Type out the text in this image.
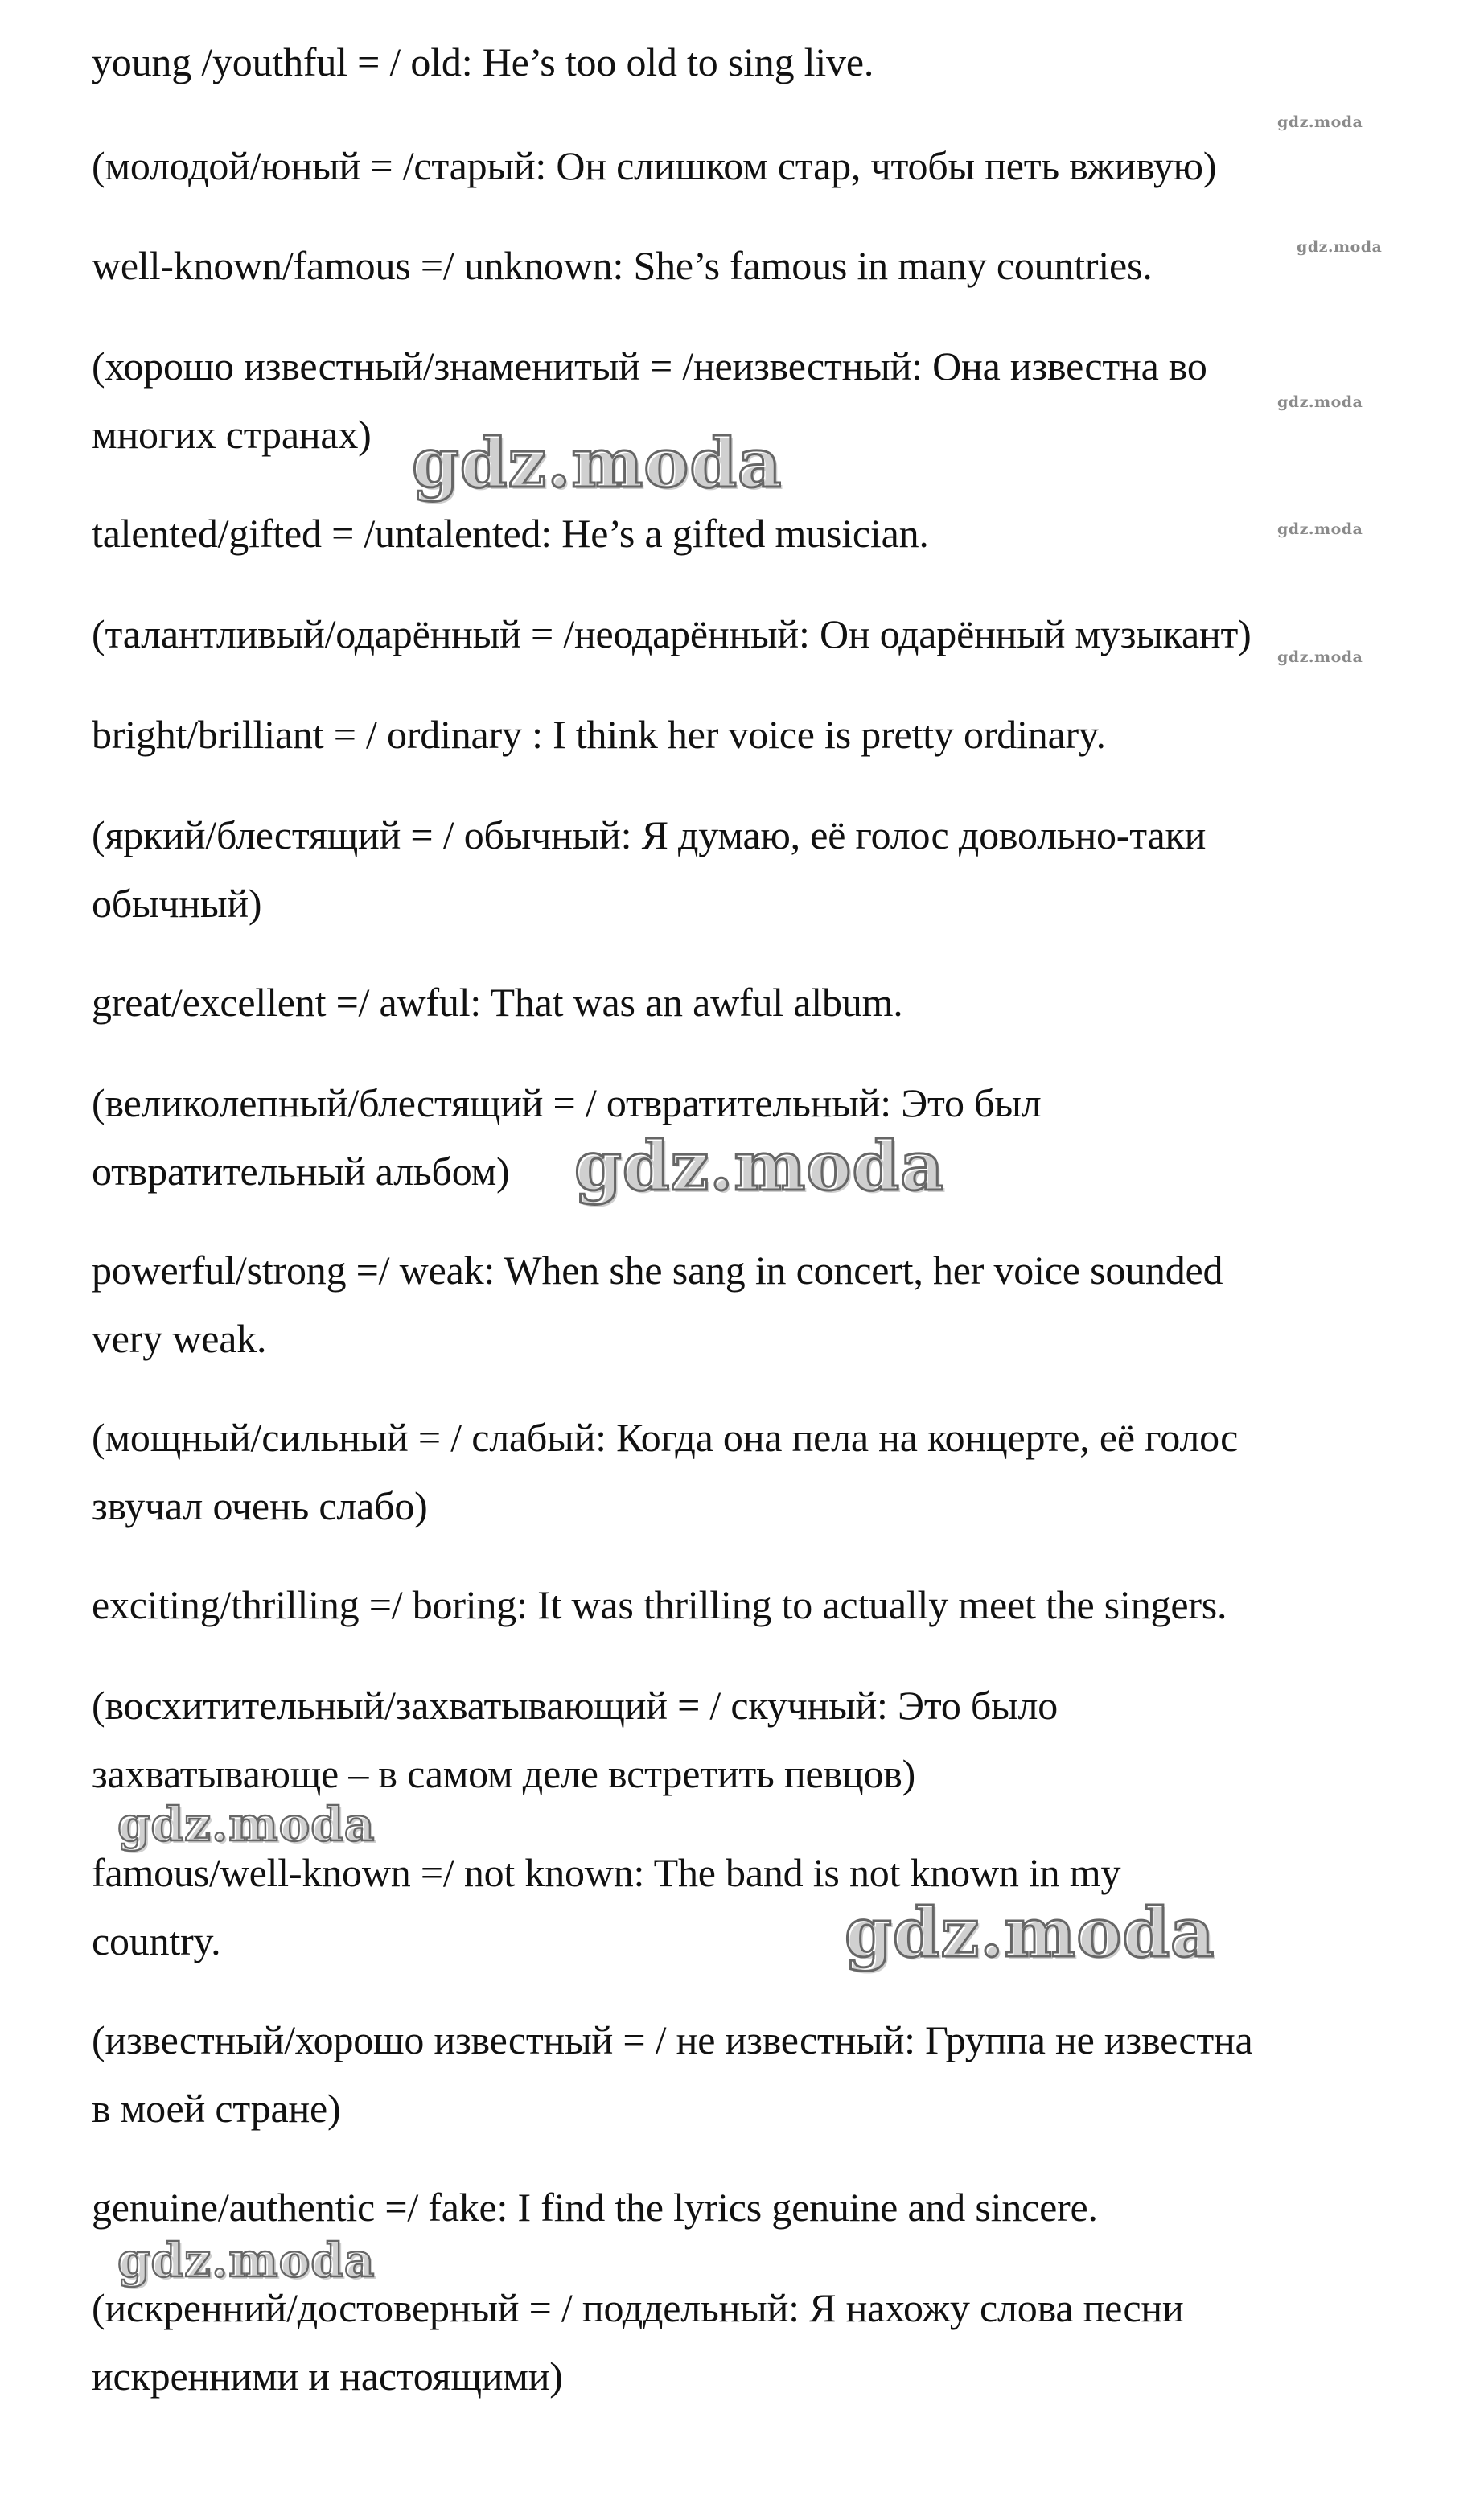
young /youthful = / old: He’s too old to sing live.
(молодой/юный = /старый: Он слишком стар, чтобы петь вживую)
well-known/famous =/ unknown: She’s famous in many countries.
(хорошо известный/знаменитый = /неизвестный: Она известна во
многих странах)
talented/gifted = /untalented: He’s a gifted musician.
(талантливый/одарённый = /неодарённый: Он одарённый музыкант)
bright/brilliant = / ordinary : I think her voice is pretty ordinary.
(яркий/блестящий = / обычный: Я думаю, её голос довольно-таки
обычный)
great/excellent =/ awful: That was an awful album.
(великолепный/блестящий = / отвратительный: Это был
отвратительный альбом)
powerful/strong =/ weak: When she sang in concert, her voice sounded
very weak.
(мощный/сильный = / слабый: Когда она пела на концерте, её голос
звучал очень слабо)
exciting/thrilling =/ boring: It was thrilling to actually meet the singers.
(восхитительный/захватывающий = / скучный: Это было
захватывающе – в самом деле встретить певцов)
famous/well-known =/ not known: The band is not known in my
country.
(известный/хорошо известный = / не известный: Группа не известна
в моей стране)
genuine/authentic =/ fake: I find the lyrics genuine and sincere.
(искренний/достоверный = / поддельный: Я нахожу слова песни
искренними и настоящими)
gdz.moda
gdz.moda
gdz.moda
gdz.moda
gdz.moda
gdz.moda
gdz.moda
gdz.moda
gdz.moda
gdz.moda
